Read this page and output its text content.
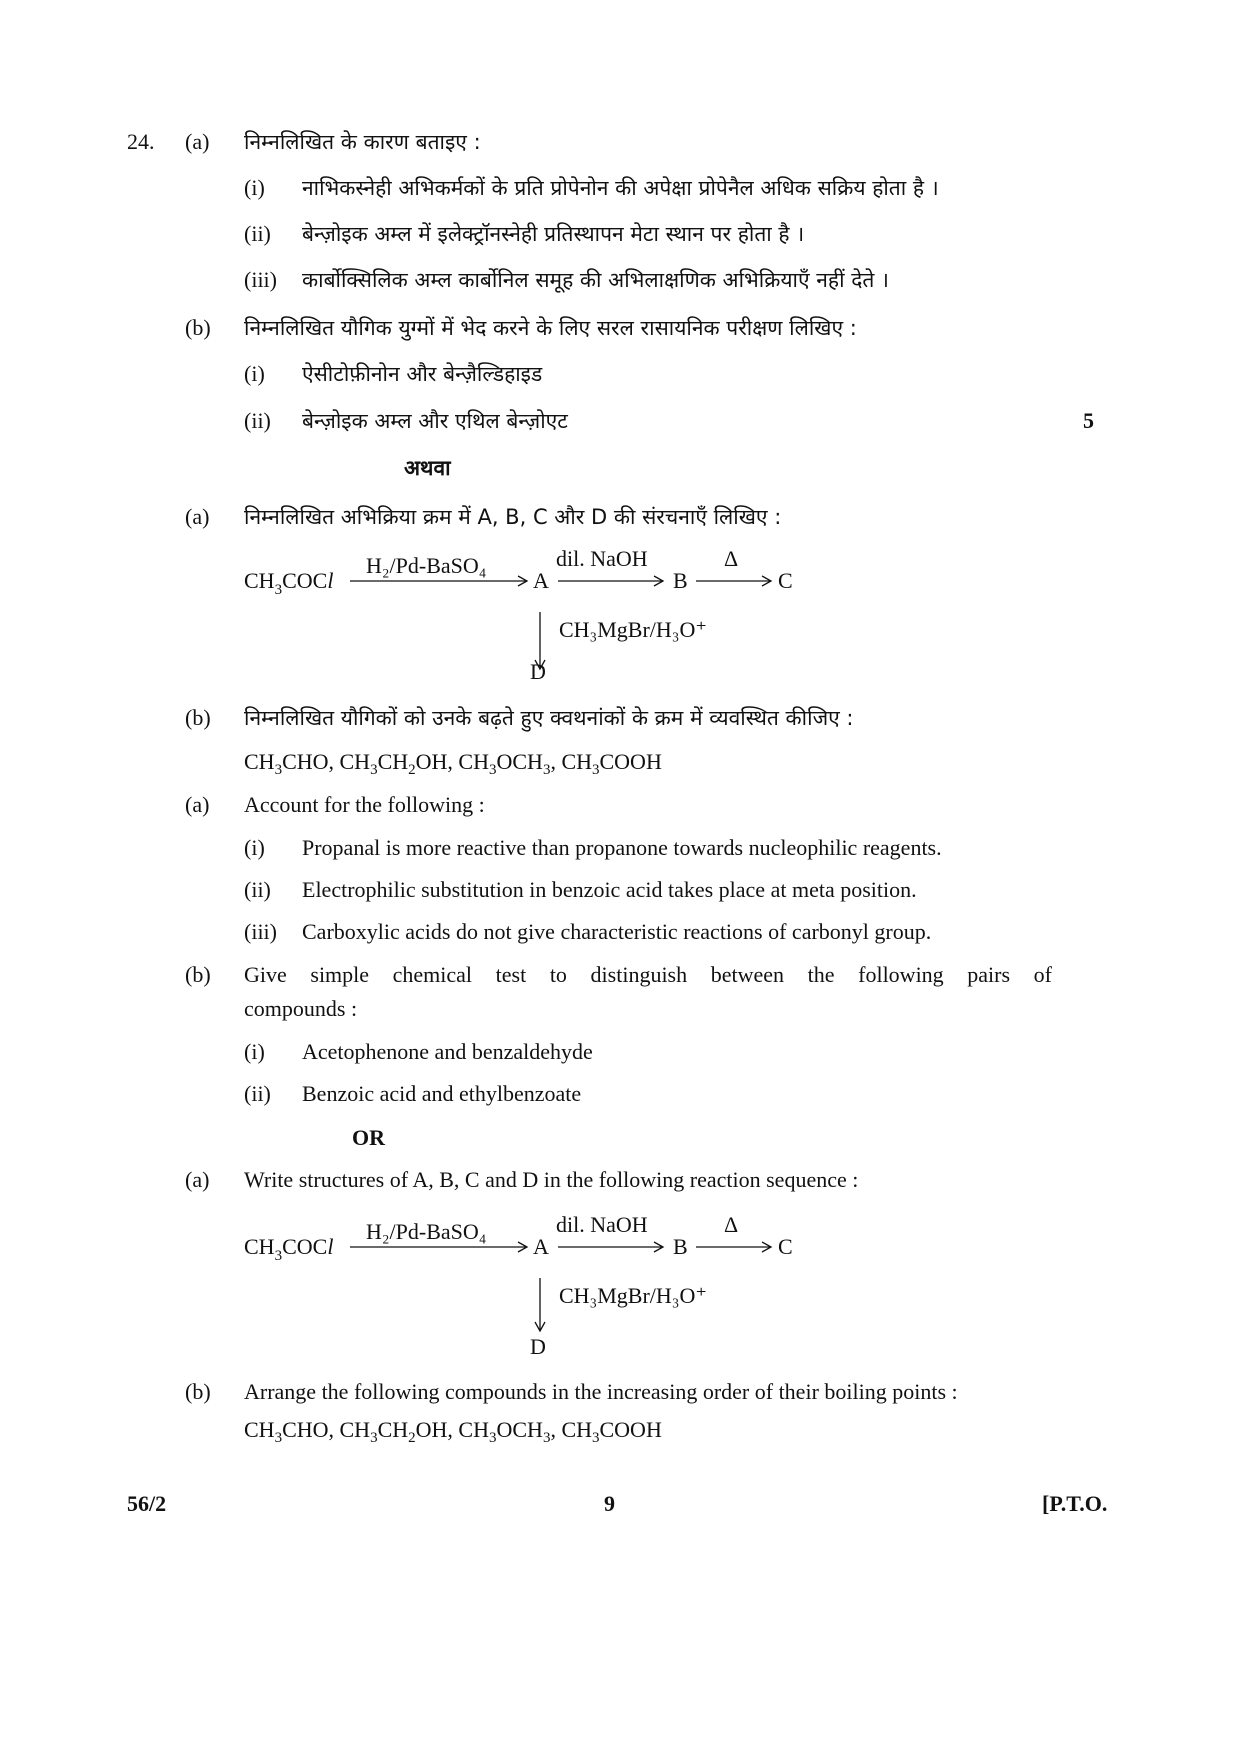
24. (a) निम्नलिखित के कारण बताइए :
(i) नाभिकस्नेही अभिकर्मकों के प्रति प्रोपेनोन की अपेक्षा प्रोपेनैल अधिक सक्रिय होता है ।
(ii) बेन्ज़ोइक अम्ल में इलेक्ट्रॉनस्नेही प्रतिस्थापन मेटा स्थान पर होता है ।
(iii) कार्बोक्सिलिक अम्ल कार्बोनिल समूह की अभिलाक्षणिक अभिक्रियाएँ नहीं देते ।
(b) निम्नलिखित यौगिक युग्मों में भेद करने के लिए सरल रासायनिक परीक्षण लिखिए :
(i) ऐसीटोफ़ीनोन और बेन्ज़ैल्डिहाइड
(ii) बेन्ज़ोइक अम्ल और एथिल बेन्ज़ोएट	5
अथवा
(a) निम्नलिखित अभिक्रिया क्रम में A, B, C और D की संरचनाएँ लिखिए :
$CH_3COCl$
H₂/Pd-BaSO₄
A
dil. NaOH
B
Δ
C
CH₃MgBr/H₃O⁺
D
(b) निम्नलिखित यौगिकों को उनके बढ़ते हुए क्वथनांकों के क्रम में व्यवस्थित कीजिए :
$CH_3CHO$, $CH_3CH_2OH$, $CH_3OCH_3$, $CH_3COOH$
(a) Account for the following :
(i) Propanal is more reactive than propanone towards nucleophilic reagents.
(ii) Electrophilic substitution in benzoic acid takes place at meta position.
(iii) Carboxylic acids do not give characteristic reactions of carbonyl group.
(b) Give simple chemical test to distinguish between the following pairs of
compounds :
(i) Acetophenone and benzaldehyde
(ii) Benzoic acid and ethylbenzoate
OR
(a) Write structures of A, B, C and D in the following reaction sequence :
$CH_3COCl$
H₂/Pd-BaSO₄
A
dil. NaOH
B
Δ
C
CH₃MgBr/H₃O⁺
D
(b) Arrange the following compounds in the increasing order of their boiling points :
$CH_3CHO$, $CH_3CH_2OH$, $CH_3OCH_3$, $CH_3COOH$
56/2	9	[P.T.O.
